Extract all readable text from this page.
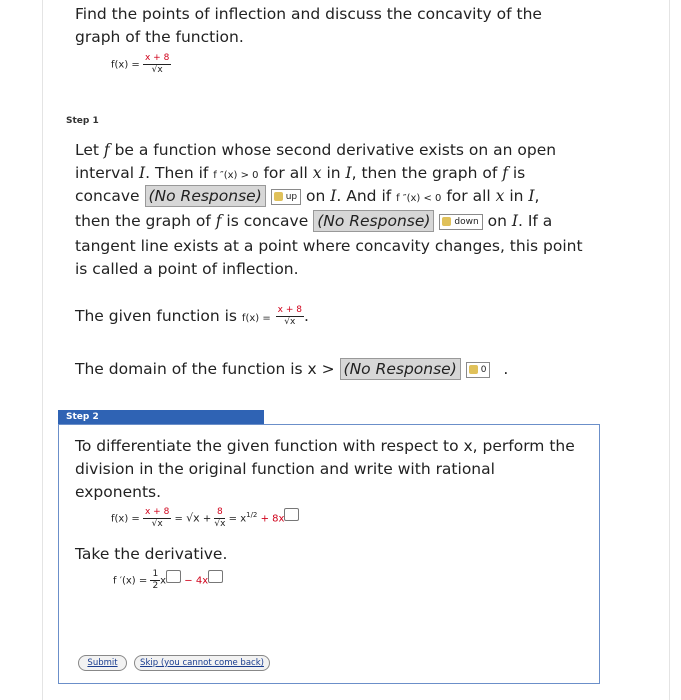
Find the points of inflection and discuss the concavity of the

graph of the function.

$f(x) = \frac{x + 8}{√x}$
Step 1

Let f be a function whose second derivative exists on an open

interval I. Then if f ″(x) > 0 for all x in I, then the graph of f is

concave (No Response)	up on I. And if f ″(x) < 0 for all x in I,

then the graph of f is concave (No Response)	down on I. If a

tangent line exists at a point where concavity changes, this point

is called a point of inflection.

The given function is $f(x) = \frac{x + 8}{√x}$ .

The domain of the function is x > (No Response)	0 .

Step 2

To differentiate the given function with respect to x, perform the

division in the original function and write with rational

exponents.

$f(x) = \frac{x + 8}{√x} = √x + \frac{8}{√x} = x^{1/2} + 8x$

Take the derivative.

f $'(x) = \frac{1}{2}$ x − 4x
Submit	Skip (you cannot come back)
